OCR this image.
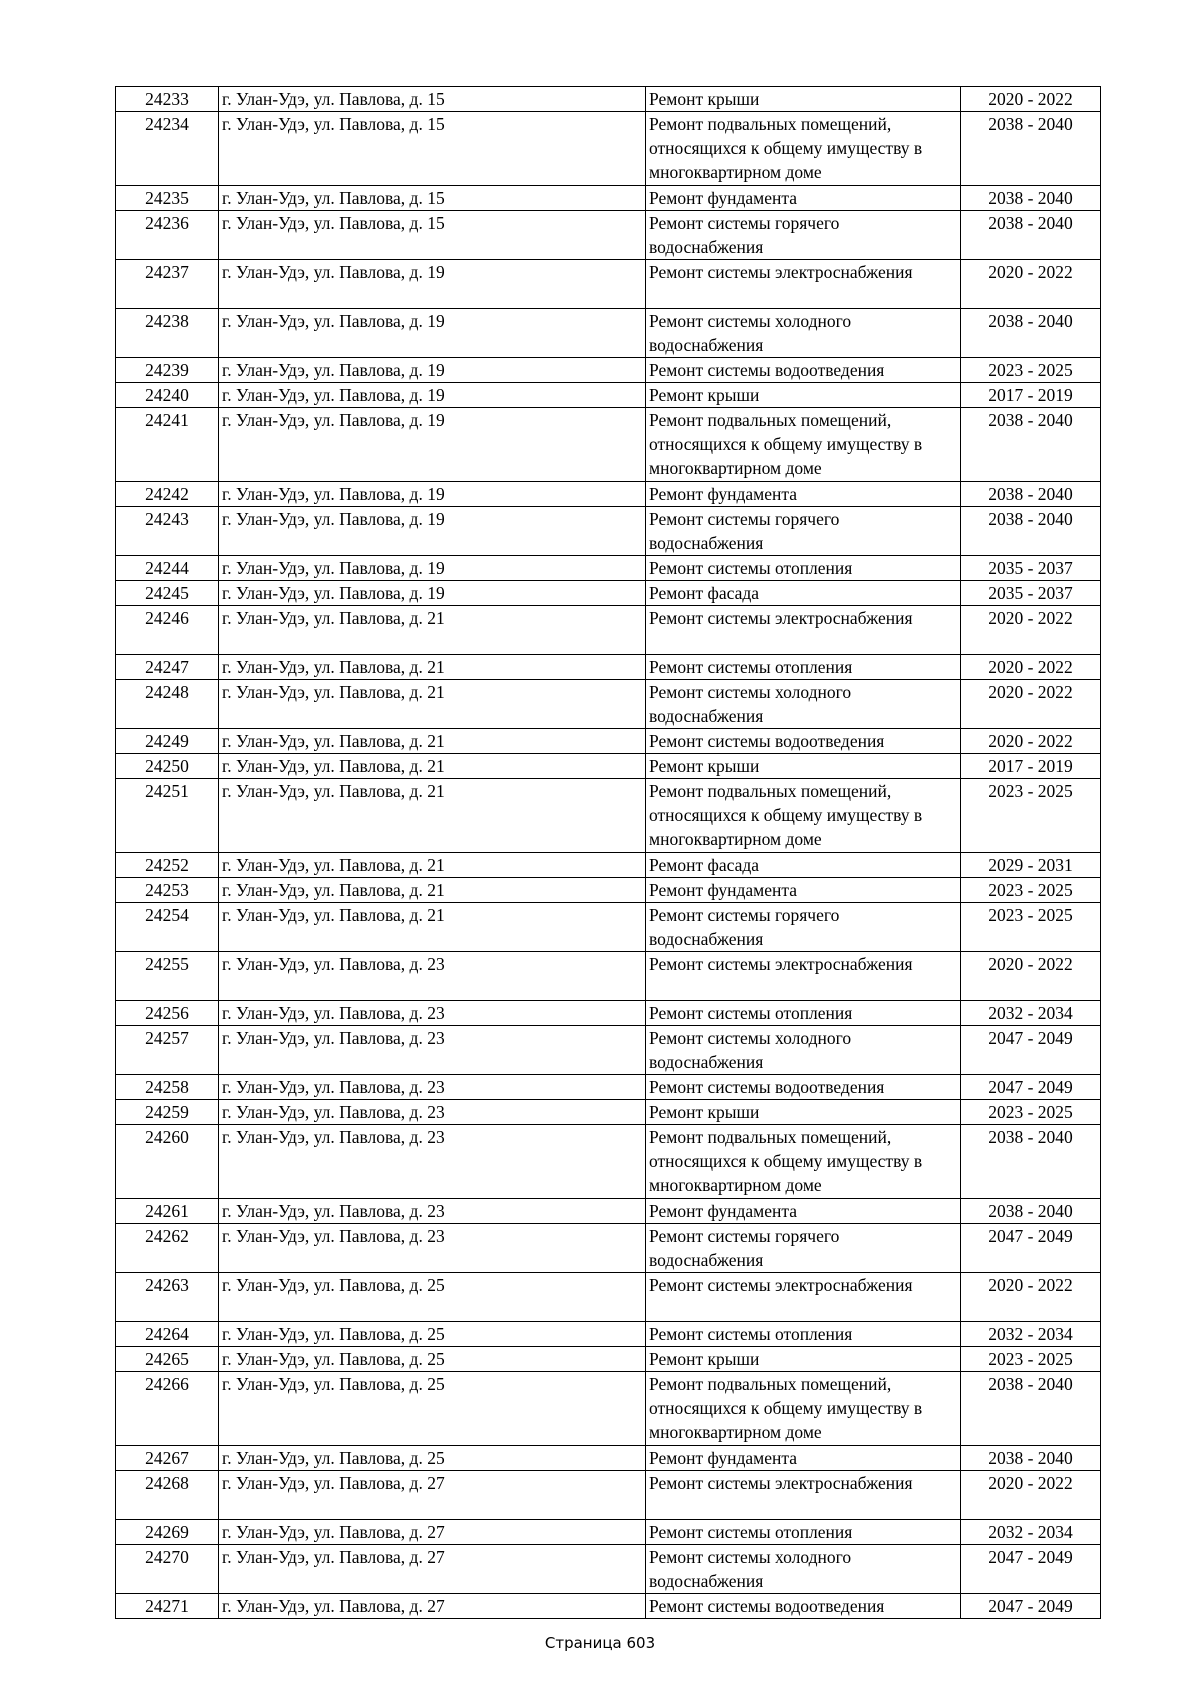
24233	г. Улан-Удэ, ул. Павлова, д. 15	Ремонт крыши	2020 - 2022
24234	г. Улан-Удэ, ул. Павлова, д. 15	Ремонт подвальных помещений, относящихся к общему имуществу в многоквартирном доме	2038 - 2040
24235	г. Улан-Удэ, ул. Павлова, д. 15	Ремонт фундамента	2038 - 2040
24236	г. Улан-Удэ, ул. Павлова, д. 15	Ремонт системы горячего водоснабжения	2038 - 2040
24237	г. Улан-Удэ, ул. Павлова, д. 19	Ремонт системы электроснабжения	2020 - 2022
24238	г. Улан-Удэ, ул. Павлова, д. 19	Ремонт системы холодного водоснабжения	2038 - 2040
24239	г. Улан-Удэ, ул. Павлова, д. 19	Ремонт системы водоотведения	2023 - 2025
24240	г. Улан-Удэ, ул. Павлова, д. 19	Ремонт крыши	2017 - 2019
24241	г. Улан-Удэ, ул. Павлова, д. 19	Ремонт подвальных помещений, относящихся к общему имуществу в многоквартирном доме	2038 - 2040
24242	г. Улан-Удэ, ул. Павлова, д. 19	Ремонт фундамента	2038 - 2040
24243	г. Улан-Удэ, ул. Павлова, д. 19	Ремонт системы горячего водоснабжения	2038 - 2040
24244	г. Улан-Удэ, ул. Павлова, д. 19	Ремонт системы отопления	2035 - 2037
24245	г. Улан-Удэ, ул. Павлова, д. 19	Ремонт фасада	2035 - 2037
24246	г. Улан-Удэ, ул. Павлова, д. 21	Ремонт системы электроснабжения	2020 - 2022
24247	г. Улан-Удэ, ул. Павлова, д. 21	Ремонт системы отопления	2020 - 2022
24248	г. Улан-Удэ, ул. Павлова, д. 21	Ремонт системы холодного водоснабжения	2020 - 2022
24249	г. Улан-Удэ, ул. Павлова, д. 21	Ремонт системы водоотведения	2020 - 2022
24250	г. Улан-Удэ, ул. Павлова, д. 21	Ремонт крыши	2017 - 2019
24251	г. Улан-Удэ, ул. Павлова, д. 21	Ремонт подвальных помещений, относящихся к общему имуществу в многоквартирном доме	2023 - 2025
24252	г. Улан-Удэ, ул. Павлова, д. 21	Ремонт фасада	2029 - 2031
24253	г. Улан-Удэ, ул. Павлова, д. 21	Ремонт фундамента	2023 - 2025
24254	г. Улан-Удэ, ул. Павлова, д. 21	Ремонт системы горячего водоснабжения	2023 - 2025
24255	г. Улан-Удэ, ул. Павлова, д. 23	Ремонт системы электроснабжения	2020 - 2022
24256	г. Улан-Удэ, ул. Павлова, д. 23	Ремонт системы отопления	2032 - 2034
24257	г. Улан-Удэ, ул. Павлова, д. 23	Ремонт системы холодного водоснабжения	2047 - 2049
24258	г. Улан-Удэ, ул. Павлова, д. 23	Ремонт системы водоотведения	2047 - 2049
24259	г. Улан-Удэ, ул. Павлова, д. 23	Ремонт крыши	2023 - 2025
24260	г. Улан-Удэ, ул. Павлова, д. 23	Ремонт подвальных помещений, относящихся к общему имуществу в многоквартирном доме	2038 - 2040
24261	г. Улан-Удэ, ул. Павлова, д. 23	Ремонт фундамента	2038 - 2040
24262	г. Улан-Удэ, ул. Павлова, д. 23	Ремонт системы горячего водоснабжения	2047 - 2049
24263	г. Улан-Удэ, ул. Павлова, д. 25	Ремонт системы электроснабжения	2020 - 2022
24264	г. Улан-Удэ, ул. Павлова, д. 25	Ремонт системы отопления	2032 - 2034
24265	г. Улан-Удэ, ул. Павлова, д. 25	Ремонт крыши	2023 - 2025
24266	г. Улан-Удэ, ул. Павлова, д. 25	Ремонт подвальных помещений, относящихся к общему имуществу в многоквартирном доме	2038 - 2040
24267	г. Улан-Удэ, ул. Павлова, д. 25	Ремонт фундамента	2038 - 2040
24268	г. Улан-Удэ, ул. Павлова, д. 27	Ремонт системы электроснабжения	2020 - 2022
24269	г. Улан-Удэ, ул. Павлова, д. 27	Ремонт системы отопления	2032 - 2034
24270	г. Улан-Удэ, ул. Павлова, д. 27	Ремонт системы холодного водоснабжения	2047 - 2049
24271	г. Улан-Удэ, ул. Павлова, д. 27	Ремонт системы водоотведения	2047 - 2049
Страница 603
